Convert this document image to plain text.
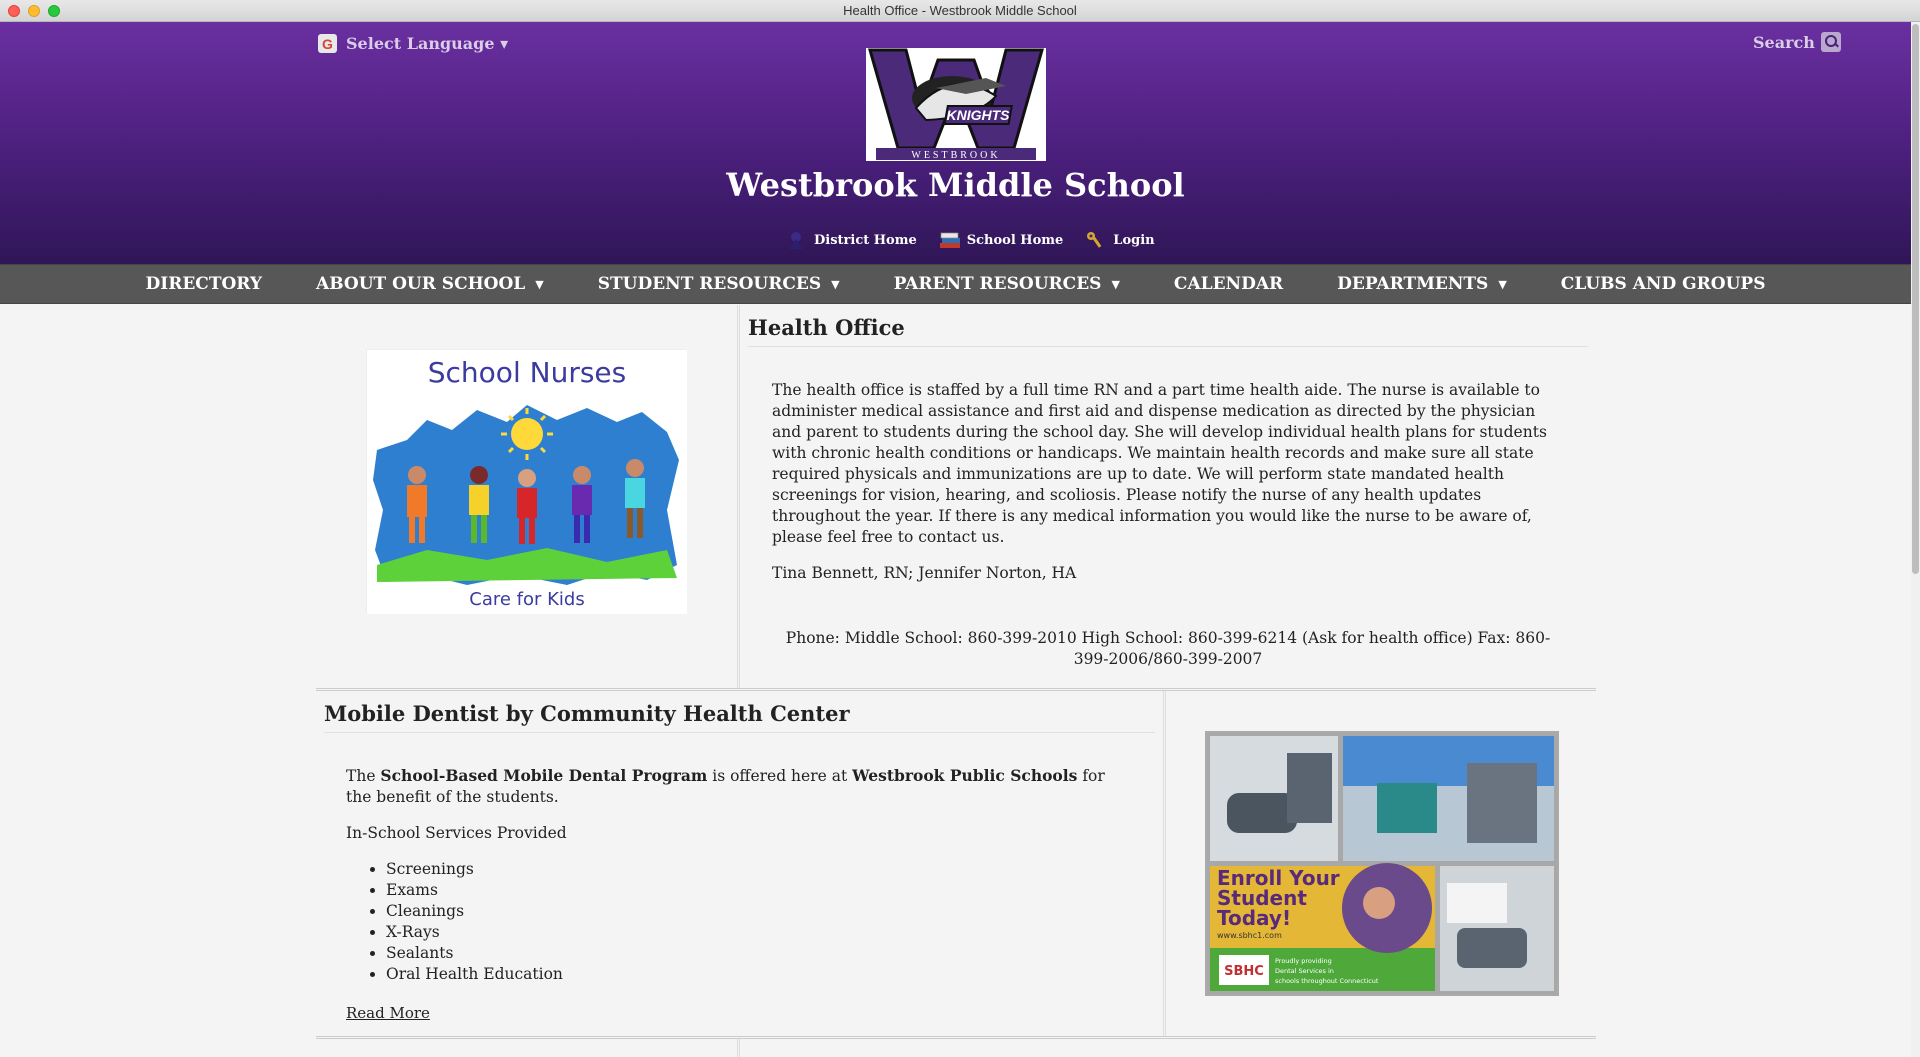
Health Office - Westbrook Middle School
G Select Language ▾	Search
KNIGHTS
WESTBROOK
Westbrook Middle School
District Home	School Home	Login
DIRECTORY	ABOUT OUR SCHOOL ▼	STUDENT RESOURCES ▼	PARENT RESOURCES ▼	CALENDAR	DEPARTMENTS ▼	CLUBS AND GROUPS
School Nurses
Care for Kids
Health Office

The health office is staffed by a full time RN and a part time health aide. The nurse is available to administer medical assistance and first aid and dispense medication as directed by the physician and parent to students during the school day. She will develop individual health plans for students with chronic health conditions or handicaps. We maintain health records and make sure all state required physicals and immunizations are up to date. We will perform state mandated health screenings for vision, hearing, and scoliosis. Please notify the nurse of any health updates throughout the year. If there is any medical information you would like the nurse to be aware of, please feel free to contact us.

Tina Bennett, RN; Jennifer Norton, HA

Phone: Middle School: 860-399-2010 High School: 860-399-6214 (Ask for health office) Fax: 860-399-2006/860-399-2007
Mobile Dentist by Community Health Center

The School-Based Mobile Dental Program is offered here at Westbrook Public Schools for the benefit of the students.

In-School Services Provided

• Screenings
• Exams
• Cleanings
• X-Rays
• Sealants
• Oral Health Education
Read More
Enroll Your
Student
Today!
www.sbhc1.com
SBHC
Proudly providing
Dental Services in
schools throughout Connecticut
